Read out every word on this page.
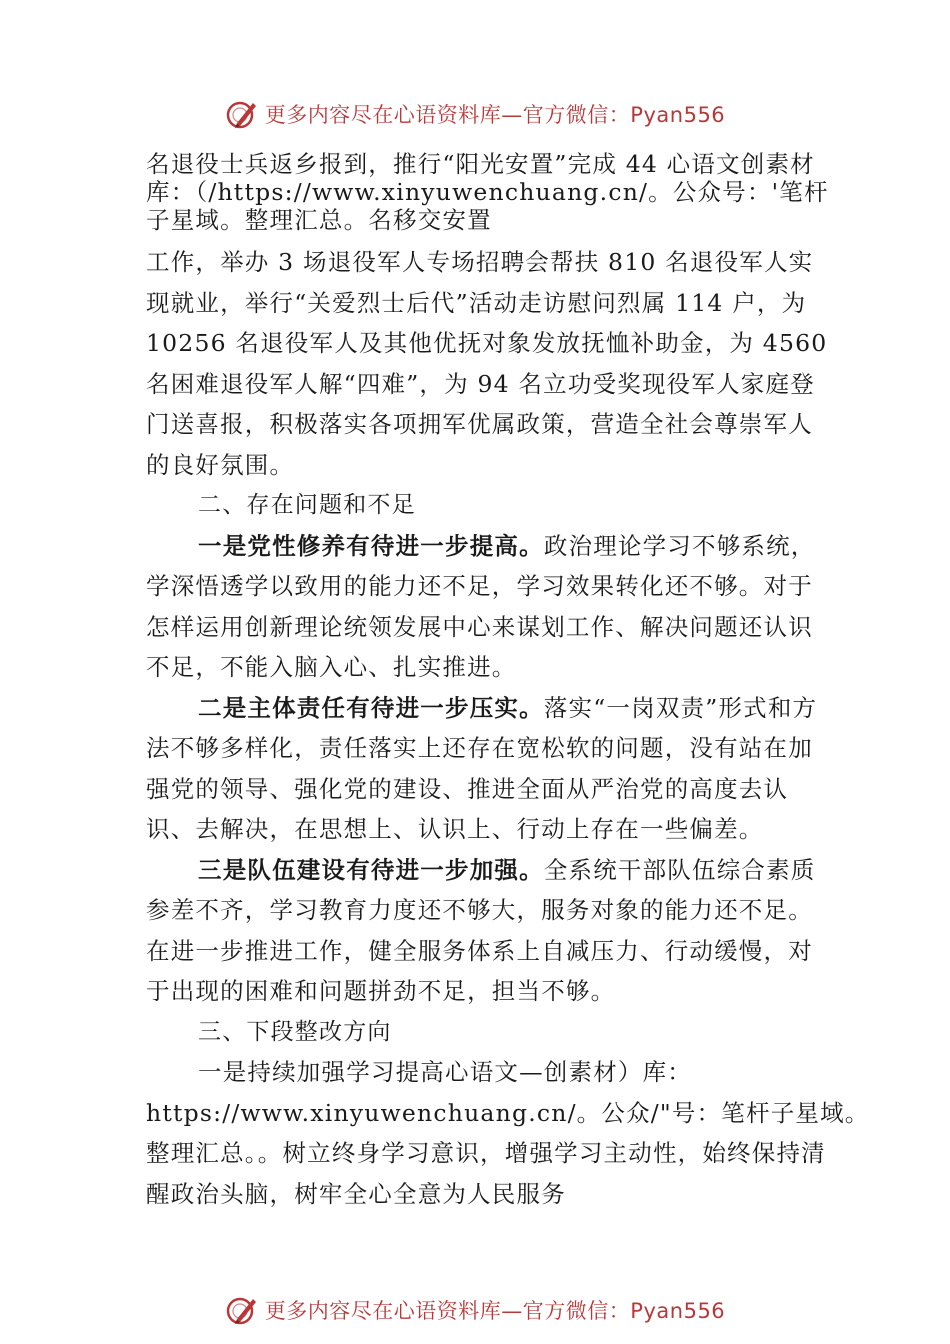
更多内容尽在心语资料库—官方微信：Pyan556

名退役士兵返乡报到，推行“阳光安置”完成 44 心语文创素材库：（/https://www.xinyuwenchuang.cn/。公众号：'笔杆子星域。整理汇总。名移交安置

工作，举办 3 场退役军人专场招聘会帮扶 810 名退役军人实现就业，举行“关爱烈士后代”活动走访慰问烈属 114 户，为 10256 名退役军人及其他优抚对象发放抚恤补助金，为 4560 名困难退役军人解“四难”，为 94 名立功受奖现役军人家庭登门送喜报，积极落实各项拥军优属政策，营造全社会尊崇军人的良好氛围。

二、存在问题和不足

一是党性修养有待进一步提高。政治理论学习不够系统，学深悟透学以致用的能力还不足，学习效果转化还不够。对于怎样运用创新理论统领发展中心来谋划工作、解决问题还认识不足，不能入脑入心、扎实推进。

二是主体责任有待进一步压实。落实“一岗双责”形式和方法不够多样化，责任落实上还存在宽松软的问题，没有站在加强党的领导、强化党的建设、推进全面从严治党的高度去认识、去解决，在思想上、认识上、行动上存在一些偏差。

三是队伍建设有待进一步加强。全系统干部队伍综合素质参差不齐，学习教育力度还不够大，服务对象的能力还不足。在进一步推进工作，健全服务体系上自减压力、行动缓慢，对于出现的困难和问题拼劲不足，担当不够。

三、下段整改方向

一是持续加强学习提高心语文—创素材）库：

https://www.xinyuwenchuang.cn/。公众/"号：笔杆子星域。

整理汇总。。树立终身学习意识，增强学习主动性，始终保持清醒政治头脑，树牢全心全意为人民服务

更多内容尽在心语资料库—官方微信：Pyan556
